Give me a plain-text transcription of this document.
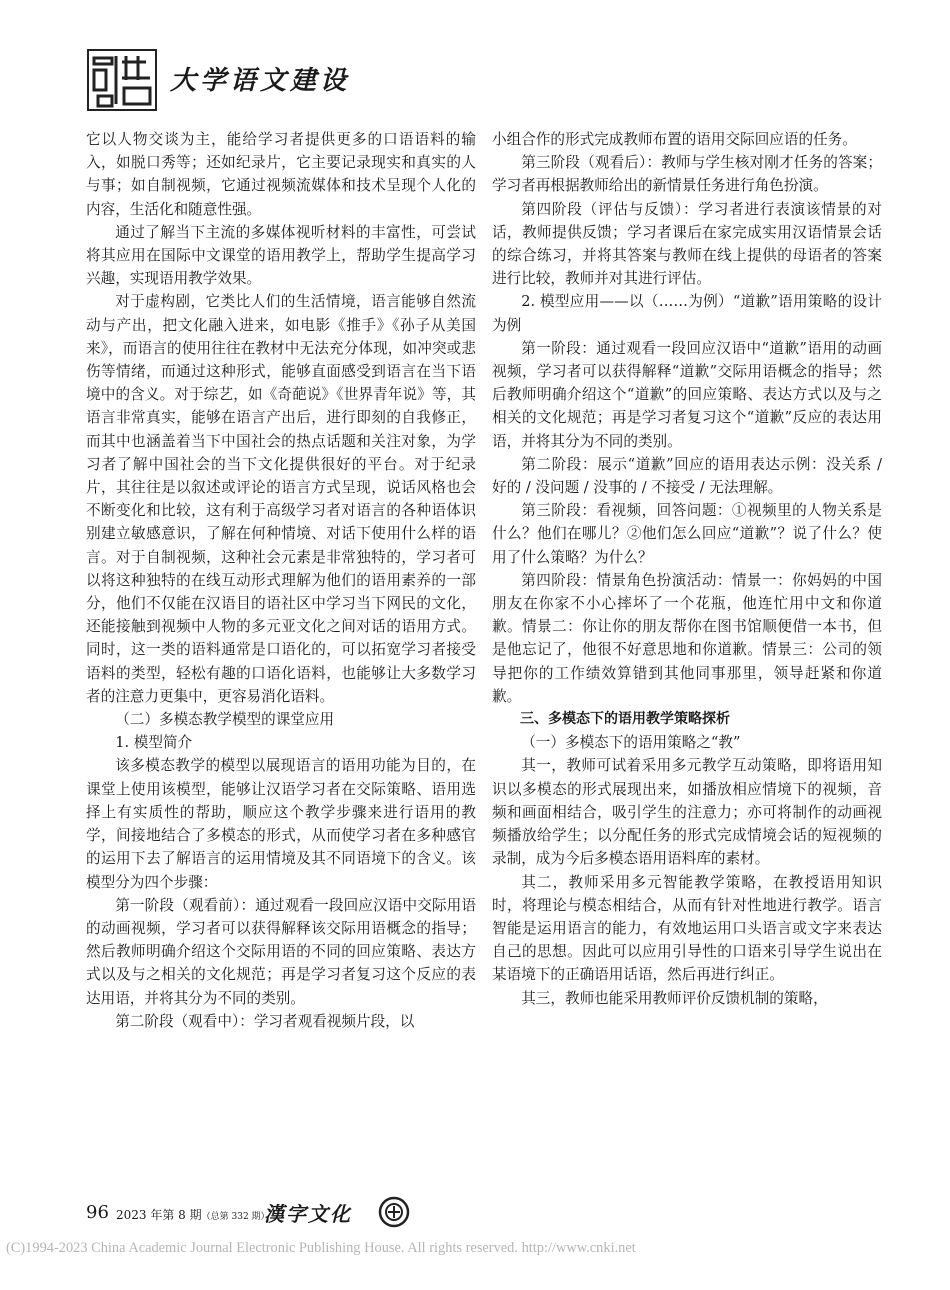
大学语文建设

它以人物交谈为主，能给学习者提供更多的口语语料的输入，如脱口秀等；还如纪录片，它主要记录现实和真实的人与事；如自制视频，它通过视频流媒体和技术呈现个人化的内容，生活化和随意性强。

通过了解当下主流的多媒体视听材料的丰富性，可尝试将其应用在国际中文课堂的语用教学上，帮助学生提高学习兴趣，实现语用教学效果。

对于虚构剧，它类比人们的生活情境，语言能够自然流动与产出，把文化融入进来，如电影《推手》《孙子从美国来》，而语言的使用往往在教材中无法充分体现，如冲突或悲伤等情绪，而通过这种形式，能够直面感受到语言在当下语境中的含义。对于综艺，如《奇葩说》《世界青年说》等，其语言非常真实，能够在语言产出后，进行即刻的自我修正，而其中也涵盖着当下中国社会的热点话题和关注对象，为学习者了解中国社会的当下文化提供很好的平台。对于纪录片，其往往是以叙述或评论的语言方式呈现，说话风格也会不断变化和比较，这有利于高级学习者对语言的各种语体识别建立敏感意识，了解在何种情境、对话下使用什么样的语言。对于自制视频，这种社会元素是非常独特的，学习者可以将这种独特的在线互动形式理解为他们的语用素养的一部分，他们不仅能在汉语目的语社区中学习当下网民的文化，还能接触到视频中人物的多元亚文化之间对话的语用方式。同时，这一类的语料通常是口语化的，可以拓宽学习者接受语料的类型，轻松有趣的口语化语料，也能够让大多数学习者的注意力更集中，更容易消化语料。

（二）多模态教学模型的课堂应用

1. 模型简介

该多模态教学的模型以展现语言的语用功能为目的，在课堂上使用该模型，能够让汉语学习者在交际策略、语用选择上有实质性的帮助，顺应这个教学步骤来进行语用的教学，间接地结合了多模态的形式，从而使学习者在多种感官的运用下去了解语言的运用情境及其不同语境下的含义。该模型分为四个步骤：

第一阶段（观看前）：通过观看一段回应汉语中交际用语的动画视频，学习者可以获得解释该交际用语概念的指导；然后教师明确介绍这个交际用语的不同的回应策略、表达方式以及与之相关的文化规范；再是学习者复习这个反应的表达用语，并将其分为不同的类别。

第二阶段（观看中）：学习者观看视频片段，以

小组合作的形式完成教师布置的语用交际回应语的任务。

第三阶段（观看后）：教师与学生核对刚才任务的答案；学习者再根据教师给出的新情景任务进行角色扮演。

第四阶段（评估与反馈）：学习者进行表演该情景的对话，教师提供反馈；学习者课后在家完成实用汉语情景会话的综合练习，并将其答案与教师在线上提供的母语者的答案进行比较，教师并对其进行评估。

2. 模型应用——以（……为例）“道歉”语用策略的设计为例

第一阶段：通过观看一段回应汉语中“道歉”语用的动画视频，学习者可以获得解释“道歉”交际用语概念的指导；然后教师明确介绍这个“道歉”的回应策略、表达方式以及与之相关的文化规范；再是学习者复习这个“道歉”反应的表达用语，并将其分为不同的类别。

第二阶段：展示“道歉”回应的语用表达示例：没关系 / 好的 / 没问题 / 没事的 / 不接受 / 无法理解。

第三阶段：看视频，回答问题：①视频里的人物关系是什么？他们在哪儿？②他们怎么回应“道歉”？说了什么？使用了什么策略？为什么？

第四阶段：情景角色扮演活动：情景一：你妈妈的中国朋友在你家不小心摔坏了一个花瓶，他连忙用中文和你道歉。情景二：你让你的朋友帮你在图书馆顺便借一本书，但是他忘记了，他很不好意思地和你道歉。情景三：公司的领导把你的工作绩效算错到其他同事那里，领导赶紧和你道歉。

三、多模态下的语用教学策略探析

（一）多模态下的语用策略之“教”

其一，教师可试着采用多元教学互动策略，即将语用知识以多模态的形式展现出来，如播放相应情境下的视频，音频和画面相结合，吸引学生的注意力；亦可将制作的动画视频播放给学生；以分配任务的形式完成情境会话的短视频的录制，成为今后多模态语用语料库的素材。

其二，教师采用多元智能教学策略，在教授语用知识时，将理论与模态相结合，从而有针对性地进行教学。语言智能是运用语言的能力，有效地运用口头语言或文字来表达自己的思想。因此可以应用引导性的口语来引导学生说出在某语境下的正确语用话语，然后再进行纠正。

其三，教师也能采用教师评价反馈机制的策略，

96 2023 年第 8 期（总第 332 期）
漢字文化
(C)1994-2023 China Academic Journal Electronic Publishing House. All rights reserved. http://www.cnki.net
